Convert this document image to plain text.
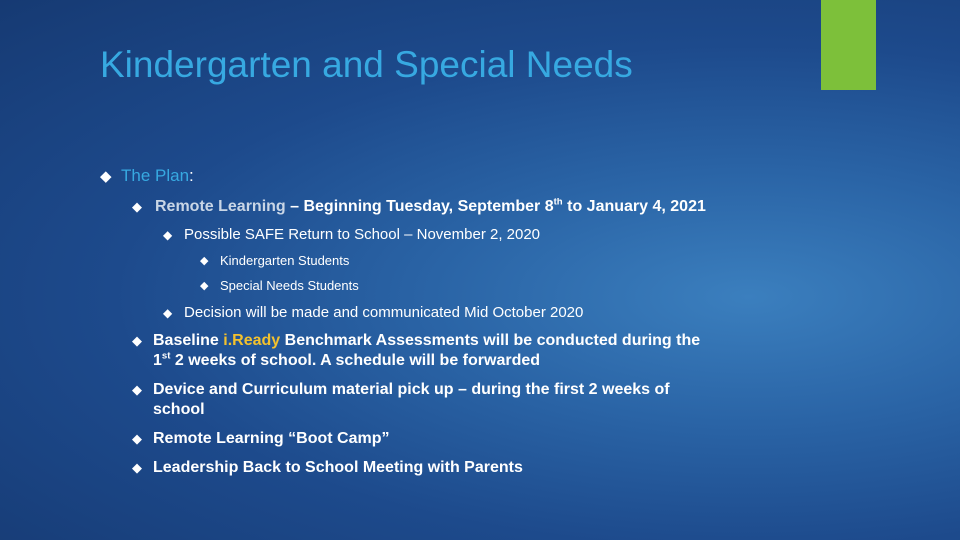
Kindergarten and Special Needs
◆ The Plan:
◆ Remote Learning – Beginning Tuesday, September 8th to January 4, 2021
◆ Possible SAFE Return to School – November 2, 2020
◆ Kindergarten Students
◆ Special Needs Students
◆ Decision will be made and communicated Mid October 2020
◆ Baseline i.Ready Benchmark Assessments will be conducted during the
1st 2 weeks of school. A schedule will be forwarded
◆ Device and Curriculum material pick up – during the first 2 weeks of
school
◆ Remote Learning “Boot Camp”
◆ Leadership Back to School Meeting with Parents
